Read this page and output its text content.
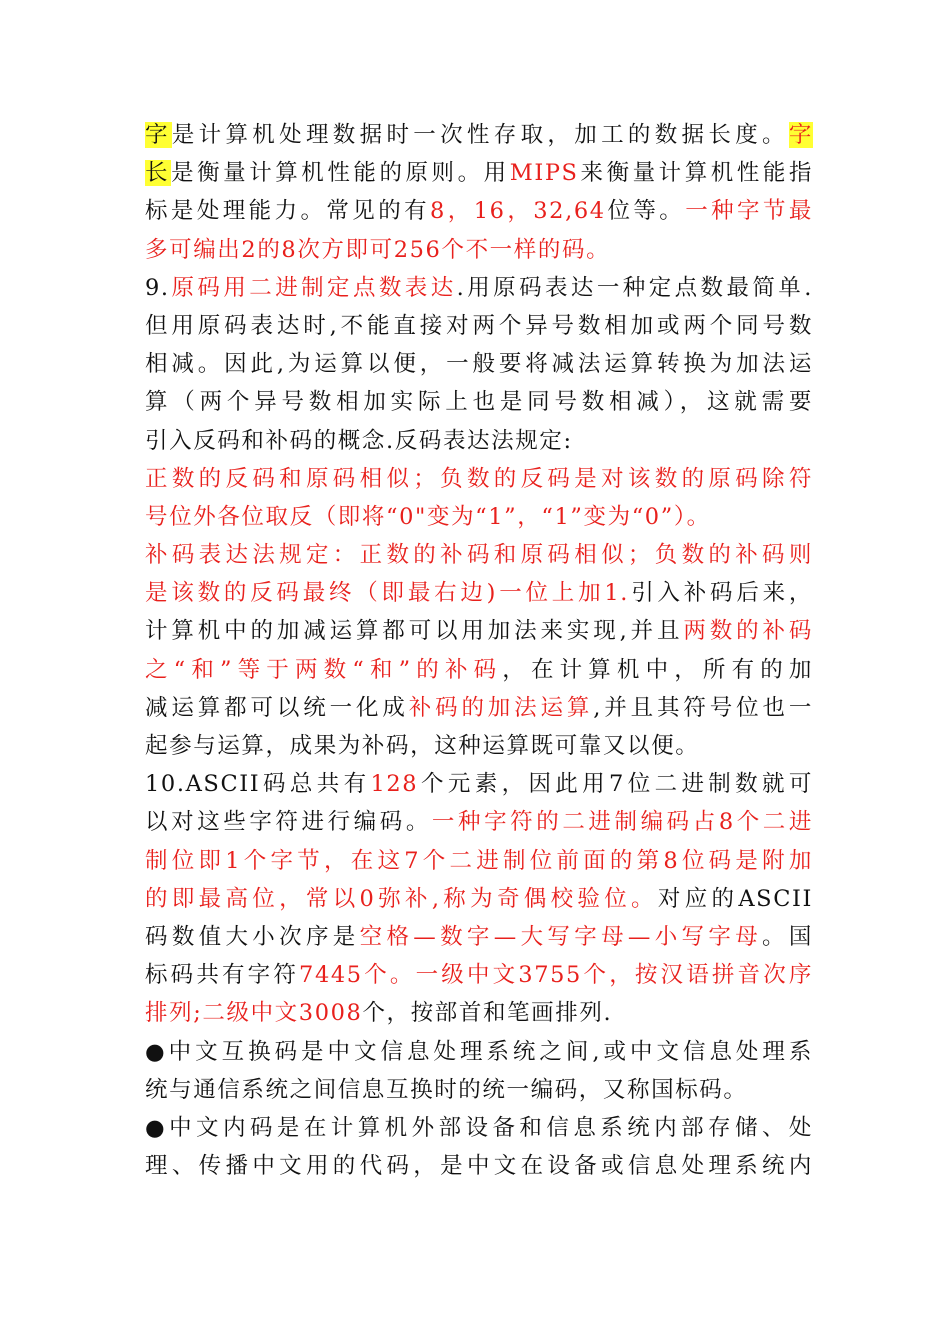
字是计算机处理数据时一次性存取，加工的数据长度。字
长是衡量计算机性能的原则。用MIPS来衡量计算机性能指
标是处理能力。常见的有8，16，32,64位等。一种字节最
多可编出2的8次方即可256个不一样的码。
9.原码用二进制定点数表达.用原码表达一种定点数最简单.
但用原码表达时,不能直接对两个异号数相加或两个同号数
相减。因此,为运算以便，一般要将减法运算转换为加法运
算（两个异号数相加实际上也是同号数相减），这就需要
引入反码和补码的概念.反码表达法规定:
正数的反码和原码相似；负数的反码是对该数的原码除符
号位外各位取反（即将“0"变为“1”，“1”变为“0”）。
补码表达法规定：正数的补码和原码相似；负数的补码则
是该数的反码最终（即最右边)一位上加1.引入补码后来，
计算机中的加减运算都可以用加法来实现,并且两数的补码
之“和”等于两数“和”的补码，在计算机中，所有的加
减运算都可以统一化成补码的加法运算,并且其符号位也一
起参与运算，成果为补码，这种运算既可靠又以便。
10.ASCII码总共有128个元素，因此用7位二进制数就可
以对这些字符进行编码。一种字符的二进制编码占8个二进
制位即1个字节，在这7个二进制位前面的第8位码是附加
的即最高位，常以0弥补,称为奇偶校验位。对应的ASCII
码数值大小次序是空格—数字—大写字母—小写字母。国
标码共有字符7445个。一级中文3755个，按汉语拼音次序
排列;二级中文3008个，按部首和笔画排列.
●中文互换码是中文信息处理系统之间,或中文信息处理系
统与通信系统之间信息互换时的统一编码，又称国标码。
●中文内码是在计算机外部设备和信息系统内部存储、处
理、传播中文用的代码，是中文在设备或信息处理系统内
